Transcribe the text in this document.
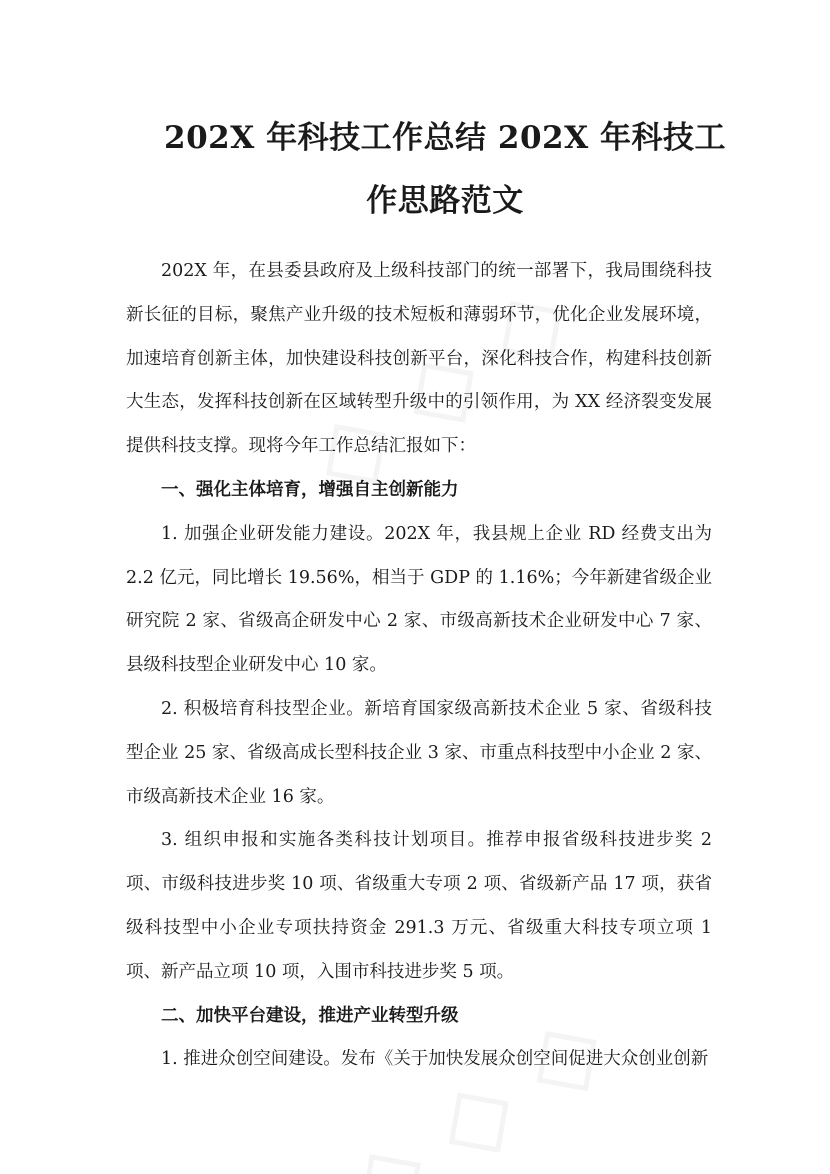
202X 年科技工作总结 202X 年科技工
作思路范文

202X 年，在县委县政府及上级科技部门的统一部署下，我局围绕科技新长征的目标，聚焦产业升级的技术短板和薄弱环节，优化企业发展环境，加速培育创新主体，加快建设科技创新平台，深化科技合作，构建科技创新大生态，发挥科技创新在区域转型升级中的引领作用，为 XX 经济裂变发展提供科技支撑。现将今年工作总结汇报如下：

一、强化主体培育，增强自主创新能力

1. 加强企业研发能力建设。202X 年，我县规上企业 RD 经费支出为 2.2 亿元，同比增长 19.56%，相当于 GDP 的 1.16%；今年新建省级企业研究院 2 家、省级高企研发中心 2 家、市级高新技术企业研发中心 7 家、县级科技型企业研发中心 10 家。

2. 积极培育科技型企业。新培育国家级高新技术企业 5 家、省级科技型企业 25 家、省级高成长型科技企业 3 家、市重点科技型中小企业 2 家、市级高新技术企业 16 家。

3. 组织申报和实施各类科技计划项目。推荐申报省级科技进步奖 2 项、市级科技进步奖 10 项、省级重大专项 2 项、省级新产品 17 项，获省级科技型中小企业专项扶持资金 291.3 万元、省级重大科技专项立项 1 项、新产品立项 10 项，入围市科技进步奖 5 项。

二、加快平台建设，推进产业转型升级

1. 推进众创空间建设。发布《关于加快发展众创空间促进大众创业创新
